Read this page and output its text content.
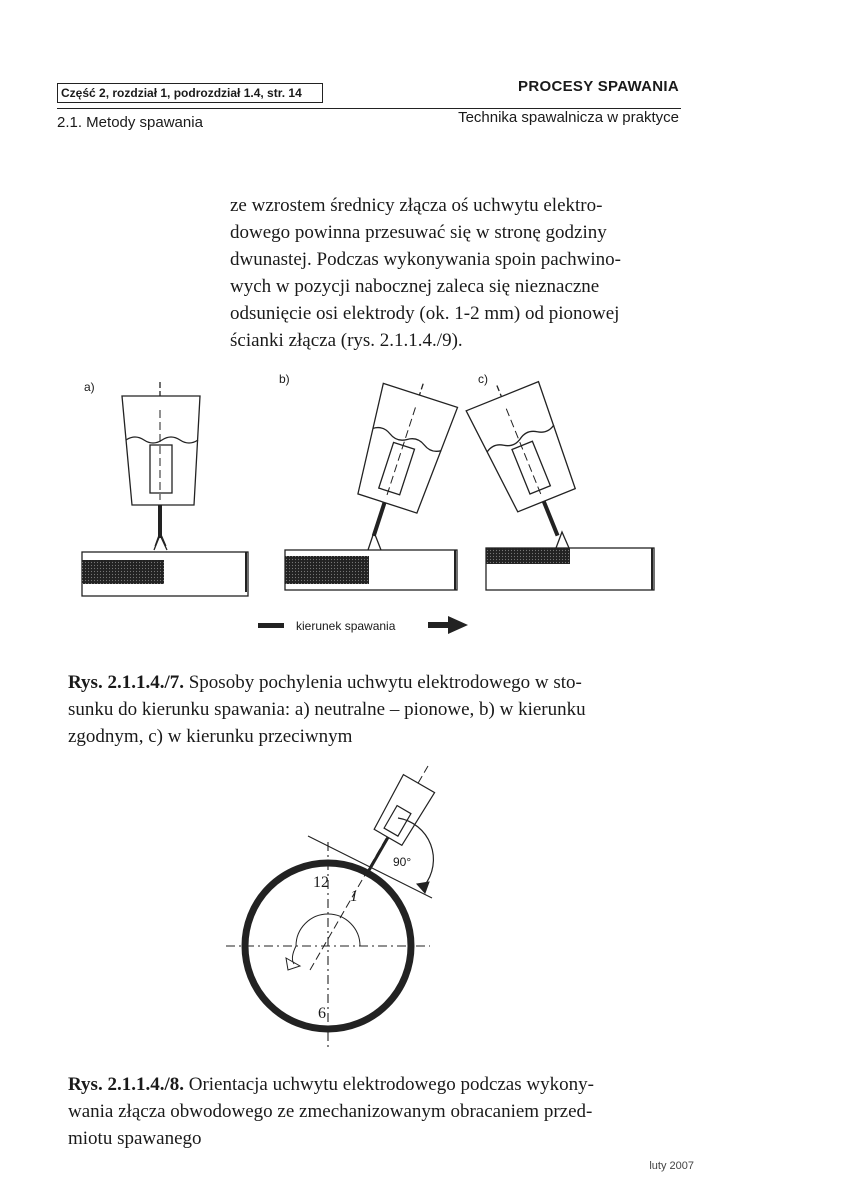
Część 2, rozdział 1, podrozdział 1.4, str. 14	PROCESY SPAWANIA
2.1. Metody spawania	Technika spawalnicza w praktyce
ze wzrostem średnicy złącza oś uchwytu elektro-
dowego powinna przesuwać się w stronę godziny
dwunastej. Podczas wykonywania spoin pachwino-
wych w pozycji nabocznej zaleca się nieznaczne
odsunięcie osi elektrody (ok. 1-2 mm) od pionowej
ścianki złącza (rys. 2.1.1.4./9).
a)
b)	c)
kierunek spawania
Rys. 2.1.1.4./7. Sposoby pochylenia uchwytu elektrodowego w sto-
sunku do kierunku spawania: a) neutralne – pionowe, b) w kierunku
zgodnym, c) w kierunku przeciwnym
12
1
6
90°
Rys. 2.1.1.4./8. Orientacja uchwytu elektrodowego podczas wykony-
wania złącza obwodowego ze zmechanizowanym obracaniem przed-
miotu spawanego
luty 2007
